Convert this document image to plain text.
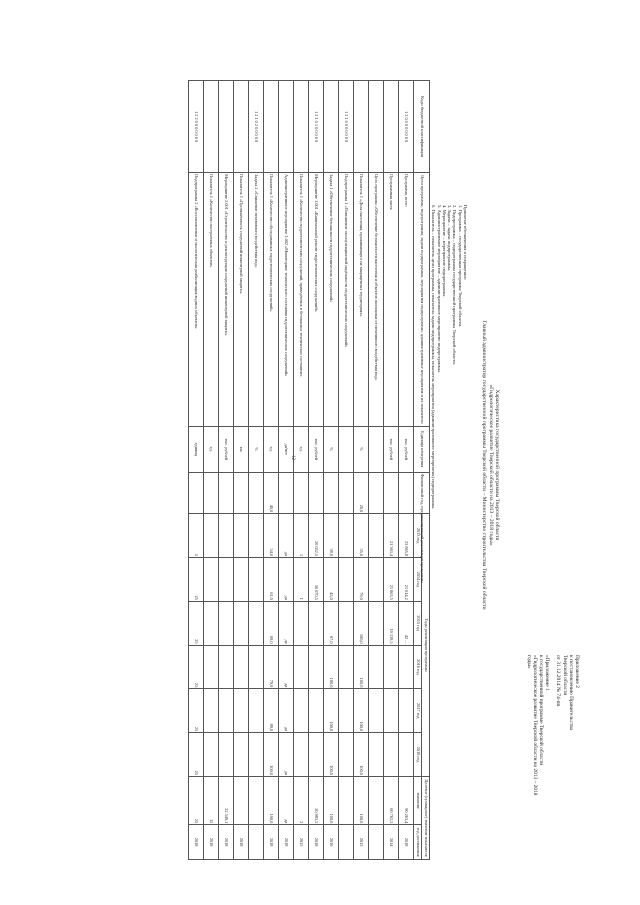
12
Приложение 2
к постановлению Правительства
Тверской области
от 31.12.2014 № 74-пп
«Приложение 1
к государственной программе Тверской области
«Гидрологическое развитие Тверской области на 2013 – 2018
годы»
Характеристика государственной программы Тверской области
«Гидрологическое развитие Тверской области на 2013 – 2018 годы»
Главный администратор государственной программы Тверской области – Министерство строительства Тверской области
Принятые обозначения и сокращения:
1. Программа – государственная программа Тверской области.
2. Подпрограмма – подпрограмма государственной программы Тверской области.
3. Задача – задача подпрограммы.
4. Мероприятие – мероприятие подпрограммы.
5. Административное мероприятие – административное мероприятие подпрограммы.
6. Показатель – показатель цели программы, показатель задачи подпрограммы, показатель мероприятия (административного мероприятия) подпрограммы.
Коды бюджетной классификации	Цели программы, подпрограмма, задачи подпрограммы, мероприятия подпрограммы, административные мероприятия и их показатели	Единица измерения	Финансовый год, предшествующий реализации программы	Годы реализации программы						Целевое (суммарное) значение показателя	
				2013 год	2014 год	2015 год	2016 год	2017 год	2018 год	значение	год достижения
1 2 0 0 0 0 0 0 0 0	Программа, всего	тыс. рублей		23 865,8	21 614,2	42 ...				90 263,4	2018
	Программная часть	тыс. рублей		21 363,4	21 863,5	19 139,5				60 762,5	2014
	Цель программы «Обеспечение безопасности населения и объектов экономики от негативного воздействия вод»										
	Показатель 1 «Доля населения, проживающего на защищённых территориях»	%	20,0	35,0	76,0	100,0	100,0	100,0	100,0	100,0	2015
1 2 1 0 0 0 0 0 0 0	Подпрограмма 1 «Повышение эксплуатационной надёжности гидротехнических сооружений»										
	Задача 1 «Обеспечение безопасности гидротехнических сооружений»	%		38,0	45,0	67,0	100,0	100,0	100,0	100,0	2016
1 2 1 0 1 0 0 0 0 0	Мероприятие 1.001 «Капитальный ремонт гидротехнических сооружений»	тыс. рублей		20 052,5	30 070,5					20 983,5	2018
	Показатель 1 «Количество гидротехнических сооружений, приведённых в безопасное техническое состояние»	ед.		1	1					2	2015
	Административное мероприятие 1.002 «Мониторинг технического состояния гидротехнических сооружений»	да/нет		да	да	да	да	да	да	да	2018
	Показатель 1 «Количество обследованных гидротехнических сооружений»	ед.	40,0	54,0	61,0	69,0	79,0	89,0	100,0	100,0	2018
1 2 1 0 2 0 0 0 0 0	Задача 2 «Снижение негативного воздействия вод»	%									
	Показатель 1 «Протяжённость сооружений инженерной защиты»	км									2018
	Мероприятие 2.001 «Строительство и реконструкция сооружений инженерной защиты»	тыс. рублей								22 549,1	2018
	Показатель 1 «Количество построенных объектов»	ед.								12	2018
1 2 2 0 0 0 0 0 0 0	Подпрограмма 2 «Восстановление и экологическая реабилитация водных объектов»	единиц		5	25	25	25	25	25	25	2018
